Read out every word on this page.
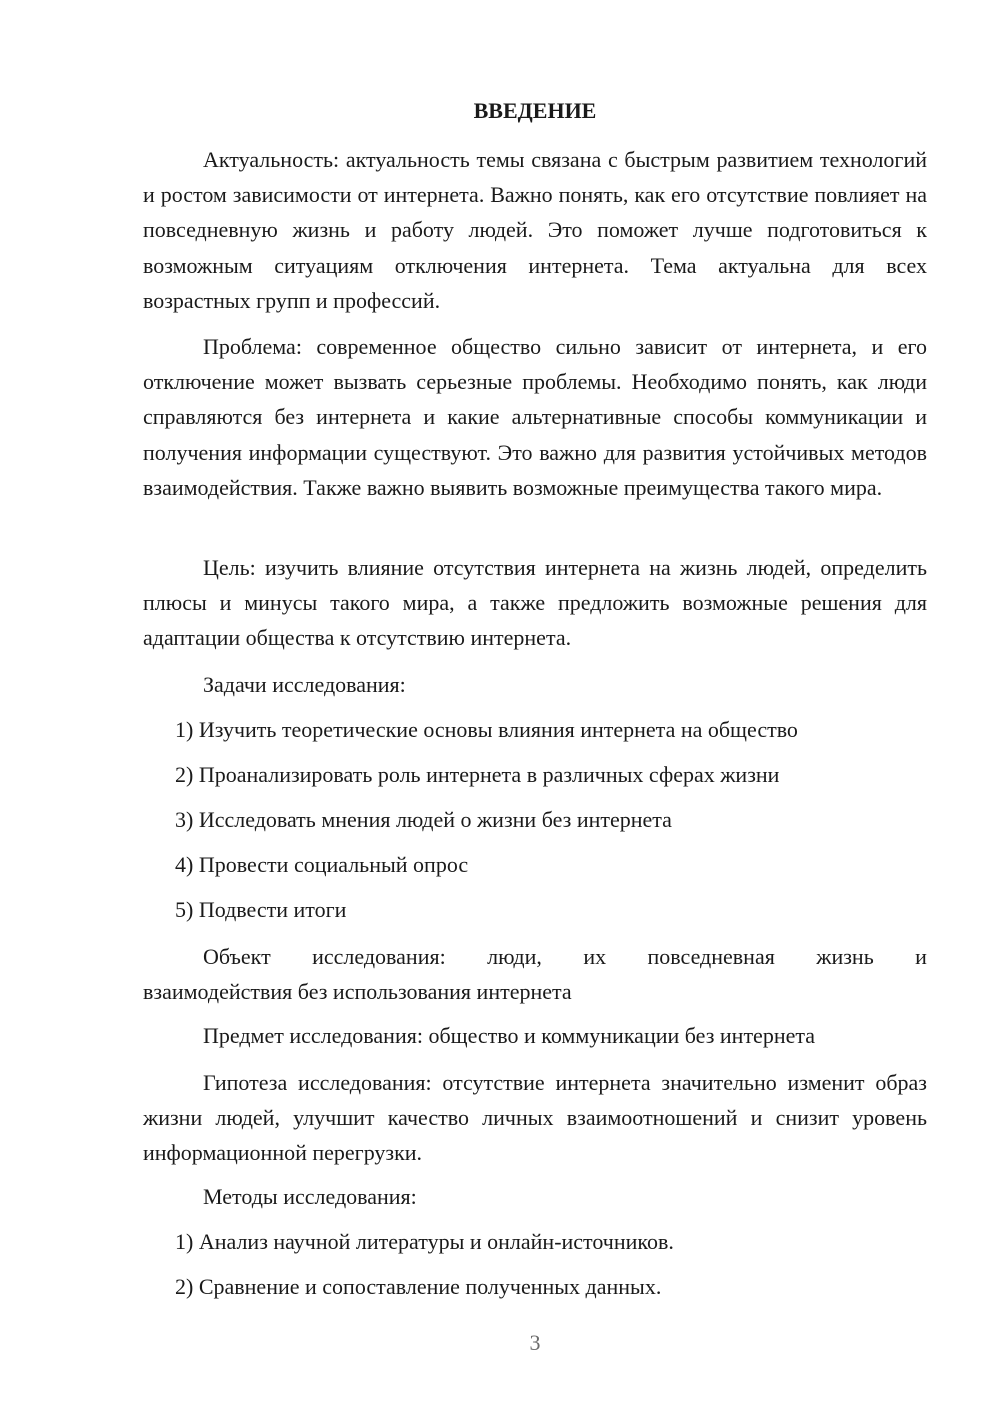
ВВЕДЕНИЕ

Актуальность: актуальность темы связана с быстрым развитием технологий и ростом зависимости от интернета. Важно понять, как его отсутствие повлияет на повседневную жизнь и работу людей. Это поможет лучше подготовиться к возможным ситуациям отключения интернета. Тема актуальна для всех возрастных групп и профессий.

Проблема: современное общество сильно зависит от интернета, и его отключение может вызвать серьезные проблемы. Необходимо понять, как люди справляются без интернета и какие альтернативные способы коммуникации и получения информации существуют. Это важно для развития устойчивых методов взаимодействия. Также важно выявить возможные преимущества такого мира.

Цель: изучить влияние отсутствия интернета на жизнь людей, определить плюсы и минусы такого мира, а также предложить возможные решения для адаптации общества к отсутствию интернета.

Задачи исследования:

1) Изучить теоретические основы влияния интернета на общество

2) Проанализировать роль интернета в различных сферах жизни

3) Исследовать мнения людей о жизни без интернета

4) Провести социальный опрос

5) Подвести итоги

Объект исследования: люди, их повседневная жизнь и
взаимодействия без использования интернета

Предмет исследования: общество и коммуникации без интернета

Гипотеза исследования: отсутствие интернета значительно изменит образ жизни людей, улучшит качество личных взаимоотношений и снизит уровень информационной перегрузки.

Методы исследования:

1) Анализ научной литературы и онлайн-источников.

2) Сравнение и сопоставление полученных данных.

3
